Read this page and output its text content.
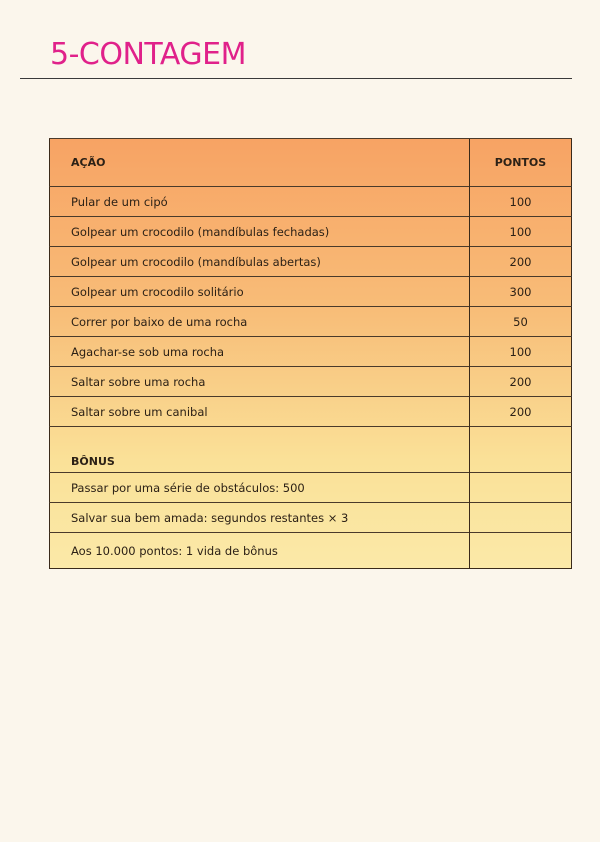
5-CONTAGEM
AÇÃO	PONTOS
Pular de um cipó	100
Golpear um crocodilo (mandíbulas fechadas)	100
Golpear um crocodilo (mandíbulas abertas)	200
Golpear um crocodilo solitário	300
Correr por baixo de uma rocha	50
Agachar-se sob uma rocha	100
Saltar sobre uma rocha	200
Saltar sobre um canibal	200
BÔNUS	
Passar por uma série de obstáculos: 500	
Salvar sua bem amada: segundos restantes × 3	
Aos 10.000 pontos: 1 vida de bônus	
